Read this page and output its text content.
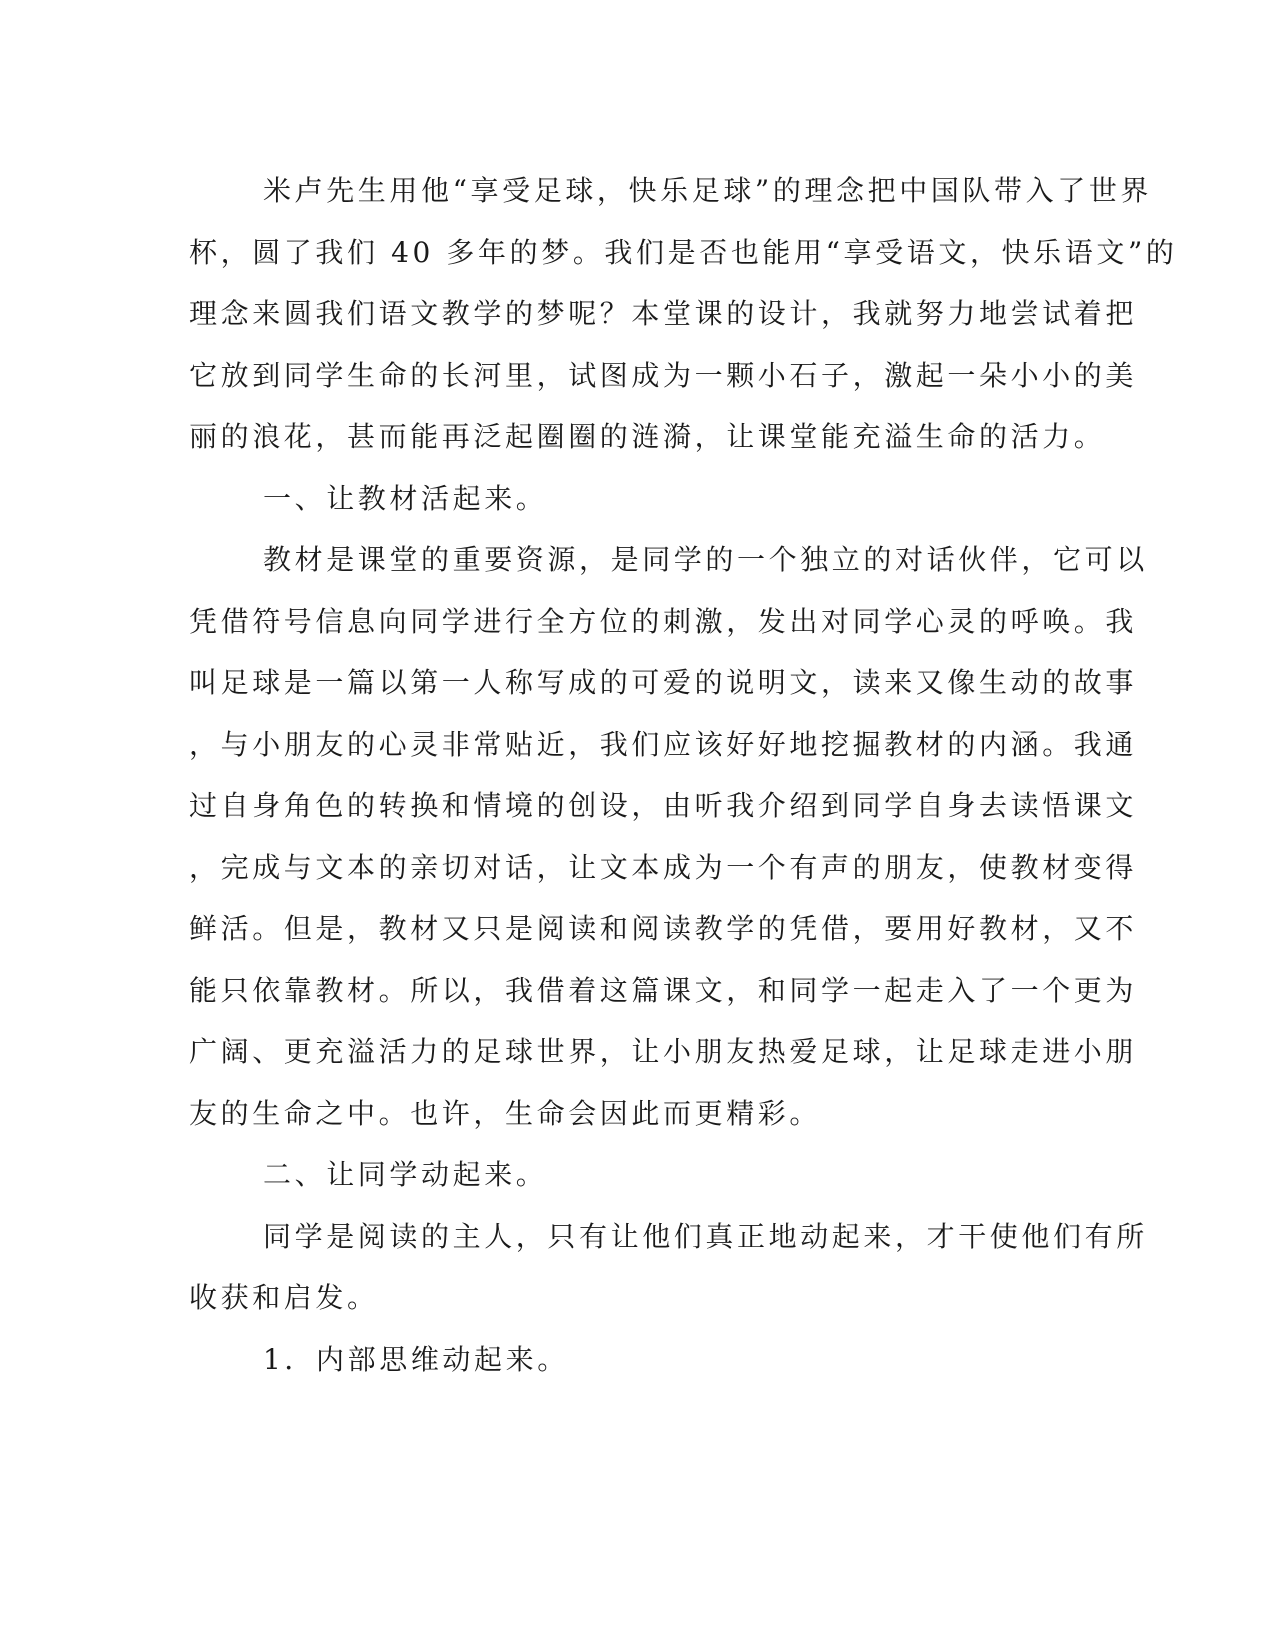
米卢先生用他“享受足球，快乐足球”的理念把中国队带入了世界
杯，圆了我们 40 多年的梦。我们是否也能用“享受语文，快乐语文”的
理念来圆我们语文教学的梦呢？本堂课的设计，我就努力地尝试着把
它放到同学生命的长河里，试图成为一颗小石子，激起一朵小小的美
丽的浪花，甚而能再泛起圈圈的涟漪，让课堂能充溢生命的活力。

一、让教材活起来。

教材是课堂的重要资源，是同学的一个独立的对话伙伴，它可以
凭借符号信息向同学进行全方位的刺激，发出对同学心灵的呼唤。我
叫足球是一篇以第一人称写成的可爱的说明文，读来又像生动的故事
，与小朋友的心灵非常贴近，我们应该好好地挖掘教材的内涵。我通
过自身角色的转换和情境的创设，由听我介绍到同学自身去读悟课文
，完成与文本的亲切对话，让文本成为一个有声的朋友，使教材变得
鲜活。但是，教材又只是阅读和阅读教学的凭借，要用好教材，又不
能只依靠教材。所以，我借着这篇课文，和同学一起走入了一个更为
广阔、更充溢活力的足球世界，让小朋友热爱足球，让足球走进小朋
友的生命之中。也许，生命会因此而更精彩。

二、让同学动起来。

同学是阅读的主人，只有让他们真正地动起来，才干使他们有所
收获和启发。

1．内部思维动起来。
